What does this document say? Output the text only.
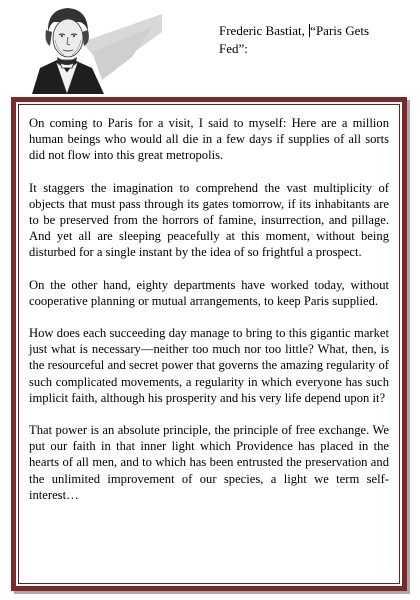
Frederic Bastiat, “Paris Gets Fed”:

On coming to Paris for a visit, I said to myself: Here are a million human beings who would all die in a few days if supplies of all sorts did not flow into this great metropolis.

It staggers the imagination to comprehend the vast multiplicity of objects that must pass through its gates tomorrow, if its inhabitants are to be preserved from the horrors of famine, insurrection, and pillage. And yet all are sleeping peacefully at this moment, without being disturbed for a single instant by the idea of so frightful a prospect.

On the other hand, eighty departments have worked today, without cooperative planning or mutual arrangements, to keep Paris supplied.

How does each succeeding day manage to bring to this gigantic market just what is necessary—neither too much nor too little? What, then, is the resourceful and secret power that governs the amazing regularity of such complicated movements, a regularity in which everyone has such implicit faith, although his prosperity and his very life depend upon it?

That power is an absolute principle, the principle of free exchange. We put our faith in that inner light which Providence has placed in the hearts of all men, and to which has been entrusted the preservation and the unlimited improvement of our species, a light we term self-interest…
